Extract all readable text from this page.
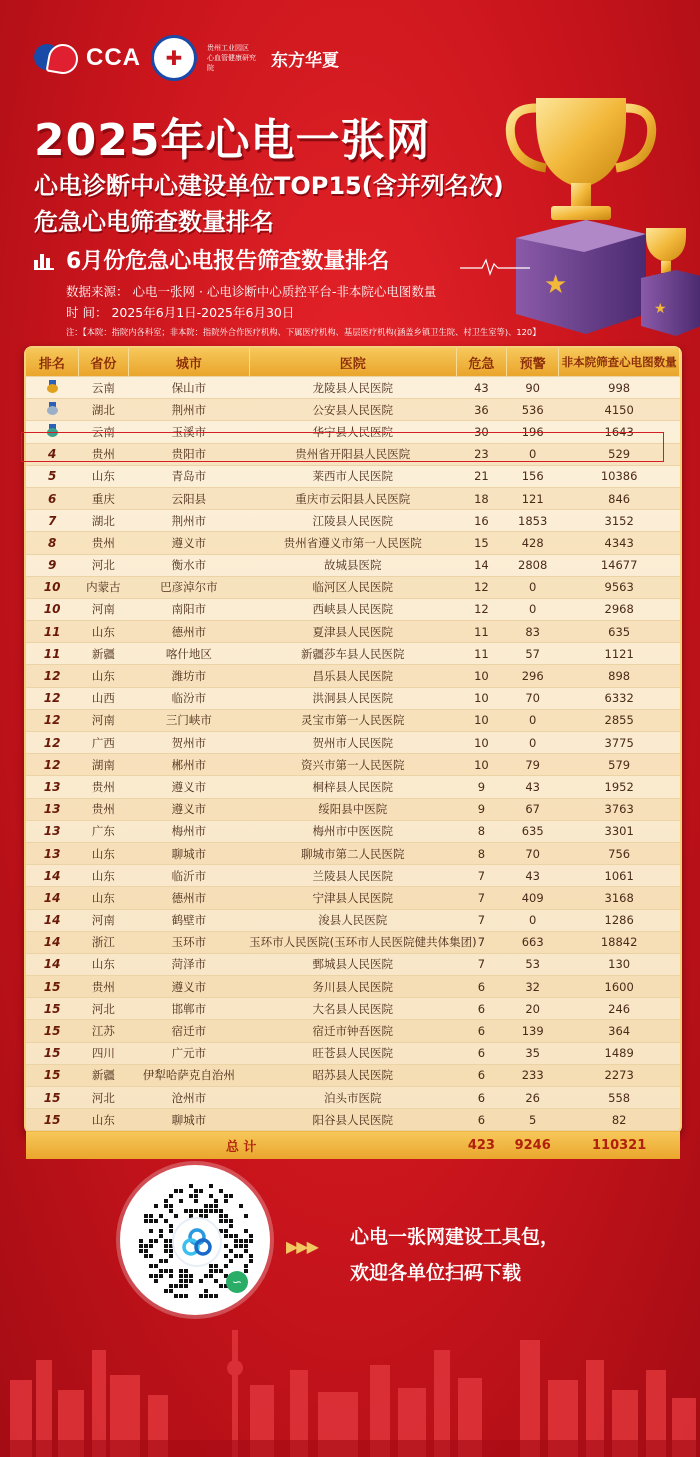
CCA	✚	贵州工业园区
心血管健康研究院	东方华夏
2025年心电一张网
心电诊断中心建设单位TOP15(含并列名次)
危急心电筛查数量排名
★
★
6月份危急心电报告筛查数量排名
数据来源： 心电一张网 · 心电诊断中心质控平台-非本院心电图数量
时 间： 2025年6月1日-2025年6月30日
注：【本院：指院内各科室；非本院：指院外合作医疗机构、下属医疗机构、基层医疗机构(涵盖乡镇卫生院、村卫生室等)、120】
排名	省份	城市	医院	危急	预警	非本院筛查心电图数量
	云南	保山市	龙陵县人民医院	43	90	998
	湖北	荆州市	公安县人民医院	36	536	4150
	云南	玉溪市	华宁县人民医院	30	196	1643
4	贵州	贵阳市	贵州省开阳县人民医院	23	0	529
5	山东	青岛市	莱西市人民医院	21	156	10386
6	重庆	云阳县	重庆市云阳县人民医院	18	121	846
7	湖北	荆州市	江陵县人民医院	16	1853	3152
8	贵州	遵义市	贵州省遵义市第一人民医院	15	428	4343
9	河北	衡水市	故城县医院	14	2808	14677
10	内蒙古	巴彦淖尔市	临河区人民医院	12	0	9563
10	河南	南阳市	西峡县人民医院	12	0	2968
11	山东	德州市	夏津县人民医院	11	83	635
11	新疆	喀什地区	新疆莎车县人民医院	11	57	1121
12	山东	潍坊市	昌乐县人民医院	10	296	898
12	山西	临汾市	洪洞县人民医院	10	70	6332
12	河南	三门峡市	灵宝市第一人民医院	10	0	2855
12	广西	贺州市	贺州市人民医院	10	0	3775
12	湖南	郴州市	资兴市第一人民医院	10	79	579
13	贵州	遵义市	桐梓县人民医院	9	43	1952
13	贵州	遵义市	绥阳县中医院	9	67	3763
13	广东	梅州市	梅州市中医医院	8	635	3301
13	山东	聊城市	聊城市第二人民医院	8	70	756
14	山东	临沂市	兰陵县人民医院	7	43	1061
14	山东	德州市	宁津县人民医院	7	409	3168
14	河南	鹤壁市	浚县人民医院	7	0	1286
14	浙江	玉环市	玉环市人民医院(玉环市人民医院健共体集团)	7	663	18842
14	山东	菏泽市	鄄城县人民医院	7	53	130
15	贵州	遵义市	务川县人民医院	6	32	1600
15	河北	邯郸市	大名县人民医院	6	20	246
15	江苏	宿迁市	宿迁市钟吾医院	6	139	364
15	四川	广元市	旺苍县人民医院	6	35	1489
15	新疆	伊犁哈萨克自治州	昭苏县人民医院	6	233	2273
15	河北	沧州市	泊头市医院	6	26	558
15	山东	聊城市	阳谷县人民医院	6	5	82
总 计				423	9246	110321
∽
▶▶▶ 心电一张网建设工具包，
欢迎各单位扫码下载
